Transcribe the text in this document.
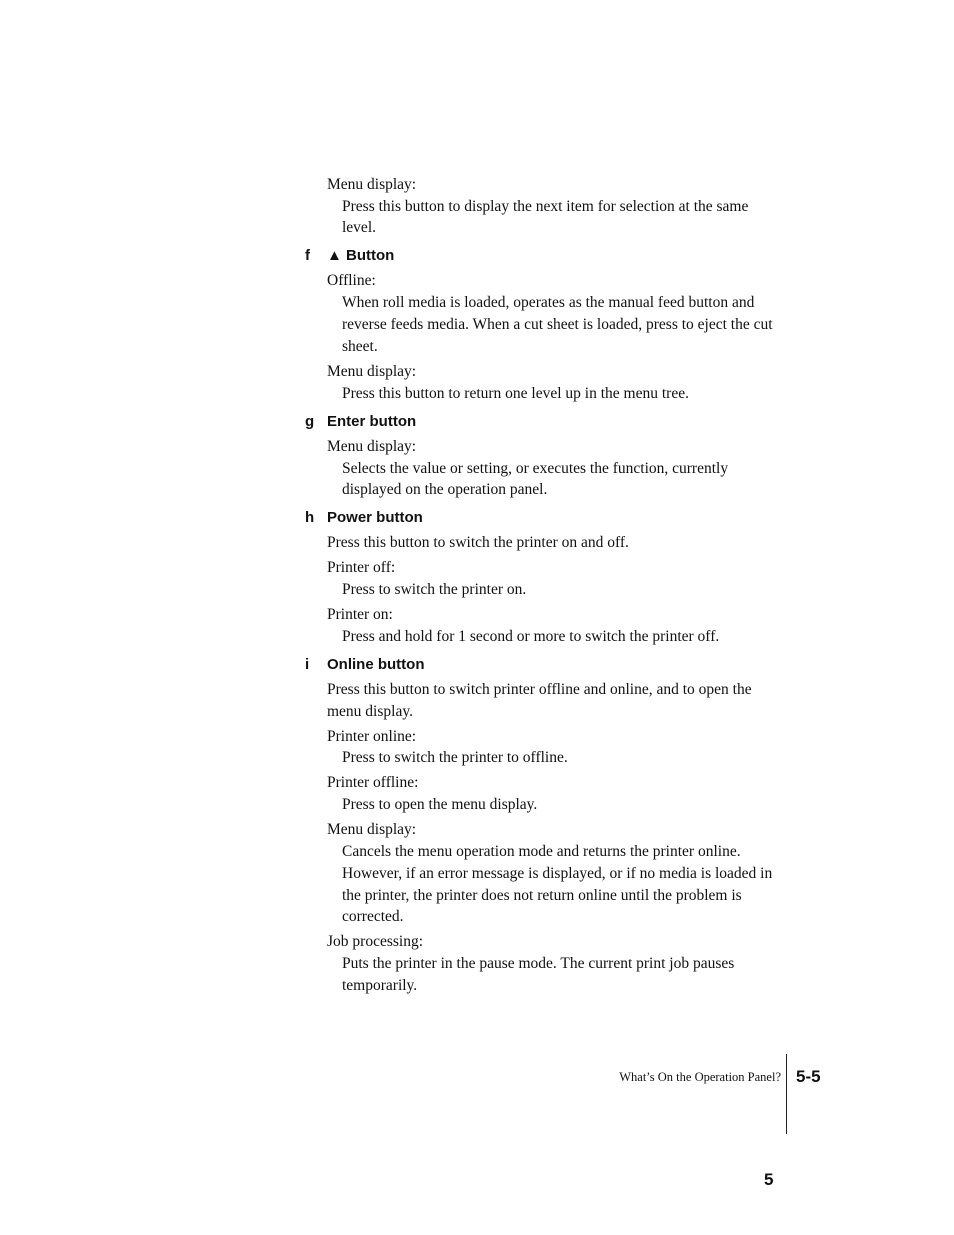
Menu display:
Press this button to display the next item for selection at the same
level.
f ▲ Button
Offline:
When roll media is loaded, operates as the manual feed button and
reverse feeds media. When a cut sheet is loaded, press to eject the cut
sheet.
Menu display:
Press this button to return one level up in the menu tree.
g Enter button
Menu display:
Selects the value or setting, or executes the function, currently
displayed on the operation panel.
h Power button
Press this button to switch the printer on and off.
Printer off:
Press to switch the printer on.
Printer on:
Press and hold for 1 second or more to switch the printer off.
i Online button
Press this button to switch printer offline and online, and to open the
menu display.
Printer online:
Press to switch the printer to offline.
Printer offline:
Press to open the menu display.
Menu display:
Cancels the menu operation mode and returns the printer online.
However, if an error message is displayed, or if no media is loaded in
the printer, the printer does not return online until the problem is
corrected.
Job processing:
Puts the printer in the pause mode. The current print job pauses
temporarily.
What’s On the Operation Panel? 5-5
5
